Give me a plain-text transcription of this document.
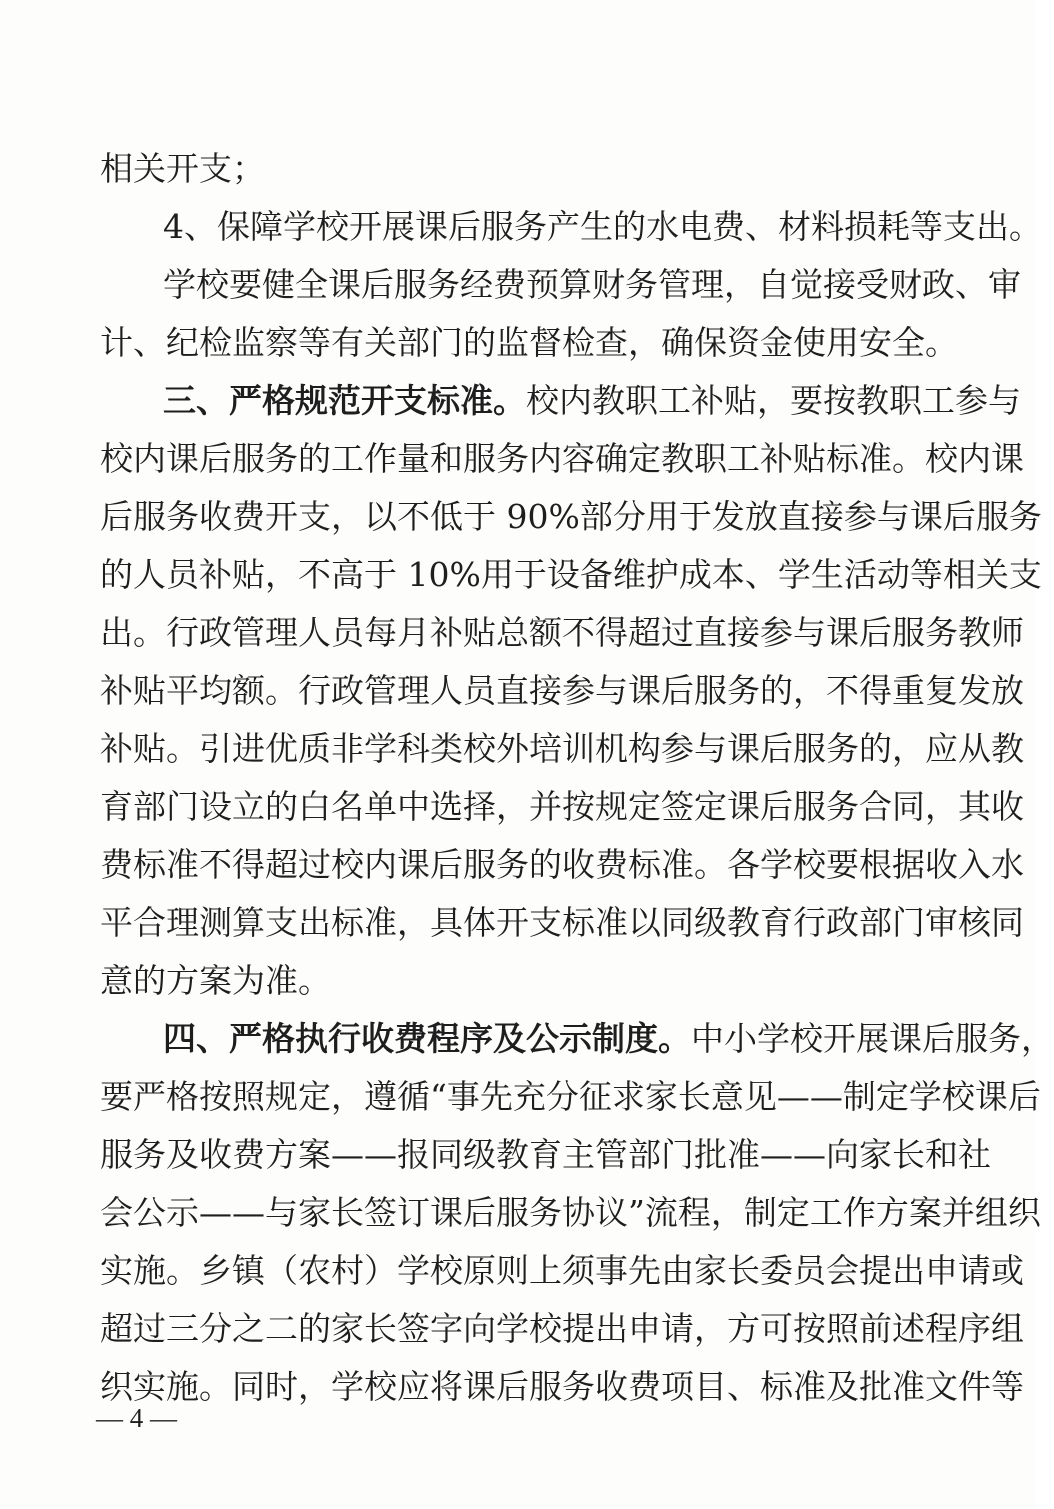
相关开支；
4、保障学校开展课后服务产生的水电费、材料损耗等支出。
学校要健全课后服务经费预算财务管理，自觉接受财政、审
计、纪检监察等有关部门的监督检查，确保资金使用安全。
三、严格规范开支标准。校内教职工补贴，要按教职工参与
校内课后服务的工作量和服务内容确定教职工补贴标准。校内课
后服务收费开支，以不低于 90%部分用于发放直接参与课后服务
的人员补贴，不高于 10%用于设备维护成本、学生活动等相关支
出。行政管理人员每月补贴总额不得超过直接参与课后服务教师
补贴平均额。行政管理人员直接参与课后服务的，不得重复发放
补贴。引进优质非学科类校外培训机构参与课后服务的，应从教
育部门设立的白名单中选择，并按规定签定课后服务合同，其收
费标准不得超过校内课后服务的收费标准。各学校要根据收入水
平合理测算支出标准，具体开支标准以同级教育行政部门审核同
意的方案为准。
四、严格执行收费程序及公示制度。中小学校开展课后服务，
要严格按照规定，遵循“事先充分征求家长意见——制定学校课后
服务及收费方案——报同级教育主管部门批准——向家长和社
会公示——与家长签订课后服务协议”流程，制定工作方案并组织
实施。乡镇（农村）学校原则上须事先由家长委员会提出申请或
超过三分之二的家长签字向学校提出申请，方可按照前述程序组
织实施。同时，学校应将课后服务收费项目、标准及批准文件等
— 4 —
